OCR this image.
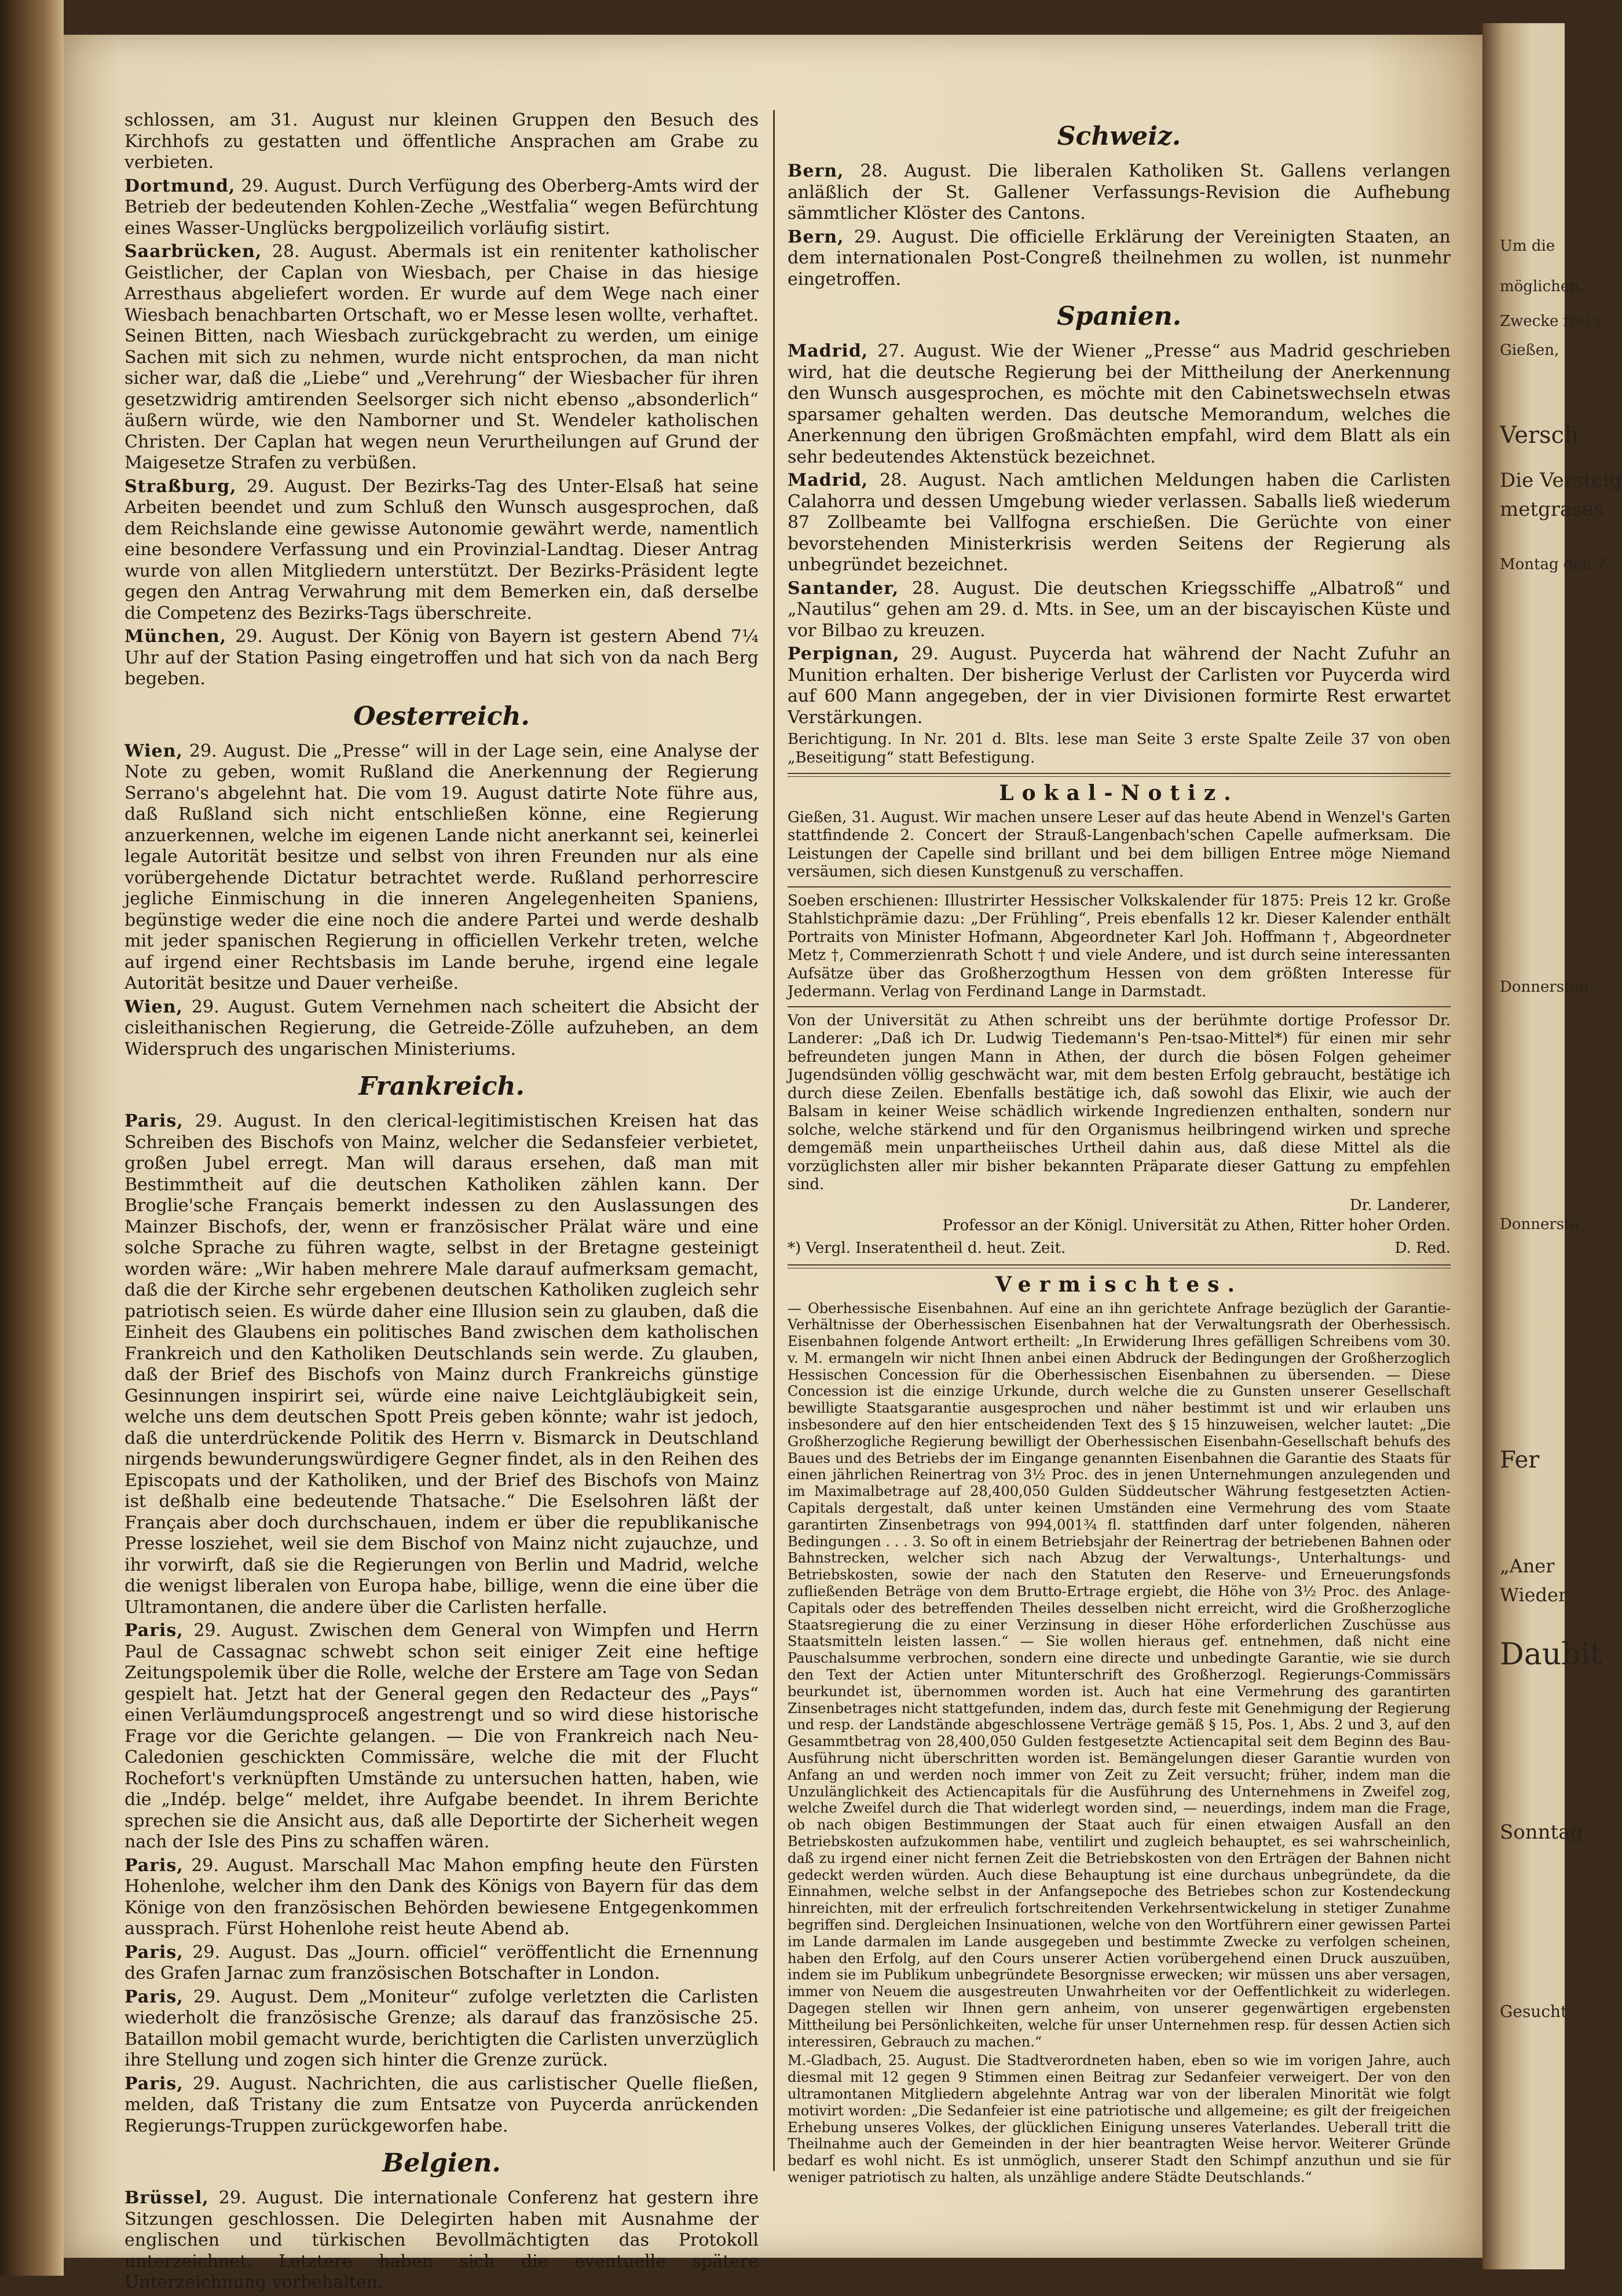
schlossen, am 31. August nur kleinen Gruppen den Besuch des Kirchhofs zu gestatten und öffentliche Ansprachen am Grabe zu verbieten.

Dortmund, 29. August. Durch Verfügung des Oberberg-Amts wird der Betrieb der bedeutenden Kohlen-Zeche „Westfalia“ wegen Befürchtung eines Wasser-Unglücks bergpolizeilich vorläufig sistirt.

Saarbrücken, 28. August. Abermals ist ein renitenter katholischer Geistlicher, der Caplan von Wiesbach, per Chaise in das hiesige Arresthaus abgeliefert worden. Er wurde auf dem Wege nach einer Wiesbach benachbarten Ortschaft, wo er Messe lesen wollte, verhaftet. Seinen Bitten, nach Wiesbach zurückgebracht zu werden, um einige Sachen mit sich zu nehmen, wurde nicht entsprochen, da man nicht sicher war, daß die „Liebe“ und „Verehrung“ der Wiesbacher für ihren gesetzwidrig amtirenden Seelsorger sich nicht ebenso „absonderlich“ äußern würde, wie den Namborner und St. Wendeler katholischen Christen. Der Caplan hat wegen neun Verurtheilungen auf Grund der Maigesetze Strafen zu verbüßen.

Straßburg, 29. August. Der Bezirks-Tag des Unter-Elsaß hat seine Arbeiten beendet und zum Schluß den Wunsch ausgesprochen, daß dem Reichslande eine gewisse Autonomie gewährt werde, namentlich eine besondere Verfassung und ein Provinzial-Landtag. Dieser Antrag wurde von allen Mitgliedern unterstützt. Der Bezirks-Präsident legte gegen den Antrag Verwahrung mit dem Bemerken ein, daß derselbe die Competenz des Bezirks-Tags überschreite.

München, 29. August. Der König von Bayern ist gestern Abend 7¼ Uhr auf der Station Pasing eingetroffen und hat sich von da nach Berg begeben.

Oesterreich.

Wien, 29. August. Die „Presse“ will in der Lage sein, eine Analyse der Note zu geben, womit Rußland die Anerkennung der Regierung Serrano's abgelehnt hat. Die vom 19. August datirte Note führe aus, daß Rußland sich nicht entschließen könne, eine Regierung anzuerkennen, welche im eigenen Lande nicht anerkannt sei, keinerlei legale Autorität besitze und selbst von ihren Freunden nur als eine vorübergehende Dictatur betrachtet werde. Rußland perhorrescire jegliche Einmischung in die inneren Angelegenheiten Spaniens, begünstige weder die eine noch die andere Partei und werde deshalb mit jeder spanischen Regierung in officiellen Verkehr treten, welche auf irgend einer Rechtsbasis im Lande beruhe, irgend eine legale Autorität besitze und Dauer verheiße.

Wien, 29. August. Gutem Vernehmen nach scheitert die Absicht der cisleithanischen Regierung, die Getreide-Zölle aufzuheben, an dem Widerspruch des ungarischen Ministeriums.

Frankreich.

Paris, 29. August. In den clerical-legitimistischen Kreisen hat das Schreiben des Bischofs von Mainz, welcher die Sedansfeier verbietet, großen Jubel erregt. Man will daraus ersehen, daß man mit Bestimmtheit auf die deutschen Katholiken zählen kann. Der Broglie'sche Français bemerkt indessen zu den Auslassungen des Mainzer Bischofs, der, wenn er französischer Prälat wäre und eine solche Sprache zu führen wagte, selbst in der Bretagne gesteinigt worden wäre: „Wir haben mehrere Male darauf aufmerksam gemacht, daß die der Kirche sehr ergebenen deutschen Katholiken zugleich sehr patriotisch seien. Es würde daher eine Illusion sein zu glauben, daß die Einheit des Glaubens ein politisches Band zwischen dem katholischen Frankreich und den Katholiken Deutschlands sein werde. Zu glauben, daß der Brief des Bischofs von Mainz durch Frankreichs günstige Gesinnungen inspirirt sei, würde eine naive Leichtgläubigkeit sein, welche uns dem deutschen Spott Preis geben könnte; wahr ist jedoch, daß die unterdrückende Politik des Herrn v. Bismarck in Deutschland nirgends bewunderungswürdigere Gegner findet, als in den Reihen des Episcopats und der Katholiken, und der Brief des Bischofs von Mainz ist deßhalb eine bedeutende Thatsache.“ Die Eselsohren läßt der Français aber doch durchschauen, indem er über die republikanische Presse losziehet, weil sie dem Bischof von Mainz nicht zujauchze, und ihr vorwirft, daß sie die Regierungen von Berlin und Madrid, welche die wenigst liberalen von Europa habe, billige, wenn die eine über die Ultramontanen, die andere über die Carlisten herfalle.

Paris, 29. August. Zwischen dem General von Wimpfen und Herrn Paul de Cassagnac schwebt schon seit einiger Zeit eine heftige Zeitungspolemik über die Rolle, welche der Erstere am Tage von Sedan gespielt hat. Jetzt hat der General gegen den Redacteur des „Pays“ einen Verläumdungsproceß angestrengt und so wird diese historische Frage vor die Gerichte gelangen. — Die von Frankreich nach Neu-Caledonien geschickten Commissäre, welche die mit der Flucht Rochefort's verknüpften Umstände zu untersuchen hatten, haben, wie die „Indép. belge“ meldet, ihre Aufgabe beendet. In ihrem Berichte sprechen sie die Ansicht aus, daß alle Deportirte der Sicherheit wegen nach der Isle des Pins zu schaffen wären.

Paris, 29. August. Marschall Mac Mahon empfing heute den Fürsten Hohenlohe, welcher ihm den Dank des Königs von Bayern für das dem Könige von den französischen Behörden bewiesene Entgegenkommen aussprach. Fürst Hohenlohe reist heute Abend ab.

Paris, 29. August. Das „Journ. officiel“ veröffentlicht die Ernennung des Grafen Jarnac zum französischen Botschafter in London.

Paris, 29. August. Dem „Moniteur“ zufolge verletzten die Carlisten wiederholt die französische Grenze; als darauf das französische 25. Bataillon mobil gemacht wurde, berichtigten die Carlisten unverzüglich ihre Stellung und zogen sich hinter die Grenze zurück.

Paris, 29. August. Nachrichten, die aus carlistischer Quelle fließen, melden, daß Tristany die zum Entsatze von Puycerda anrückenden Regierungs-Truppen zurückgeworfen habe.

Belgien.

Brüssel, 29. August. Die internationale Conferenz hat gestern ihre Sitzungen geschlossen. Die Delegirten haben mit Ausnahme der englischen und türkischen Bevollmächtigten das Protokoll unterzeichnet. Letztere haben sich die eventuelle spätere Unterzeichnung vorbehalten.

Schweiz.

Bern, 28. August. Die liberalen Katholiken St. Gallens verlangen anläßlich der St. Gallener Verfassungs-Revision die Aufhebung sämmtlicher Klöster des Cantons.

Bern, 29. August. Die officielle Erklärung der Vereinigten Staaten, an dem internationalen Post-Congreß theilnehmen zu wollen, ist nunmehr eingetroffen.

Spanien.

Madrid, 27. August. Wie der Wiener „Presse“ aus Madrid geschrieben wird, hat die deutsche Regierung bei der Mittheilung der Anerkennung den Wunsch ausgesprochen, es möchte mit den Cabinetswechseln etwas sparsamer gehalten werden. Das deutsche Memorandum, welches die Anerkennung den übrigen Großmächten empfahl, wird dem Blatt als ein sehr bedeutendes Aktenstück bezeichnet.

Madrid, 28. August. Nach amtlichen Meldungen haben die Carlisten Calahorra und dessen Umgebung wieder verlassen. Saballs ließ wiederum 87 Zollbeamte bei Vallfogna erschießen. Die Gerüchte von einer bevorstehenden Ministerkrisis werden Seitens der Regierung als unbegründet bezeichnet.

Santander, 28. August. Die deutschen Kriegsschiffe „Albatroß“ und „Nautilus“ gehen am 29. d. Mts. in See, um an der biscayischen Küste und vor Bilbao zu kreuzen.

Perpignan, 29. August. Puycerda hat während der Nacht Zufuhr an Munition erhalten. Der bisherige Verlust der Carlisten vor Puycerda wird auf 600 Mann angegeben, der in vier Divisionen formirte Rest erwartet Verstärkungen.

Berichtigung. In Nr. 201 d. Blts. lese man Seite 3 erste Spalte Zeile 37 von oben „Beseitigung“ statt Befestigung.

Lokal-Notiz.

Gießen, 31. August. Wir machen unsere Leser auf das heute Abend in Wenzel's Garten stattfindende 2. Concert der Strauß-Langenbach'schen Capelle aufmerksam. Die Leistungen der Capelle sind brillant und bei dem billigen Entree möge Niemand versäumen, sich diesen Kunstgenuß zu verschaffen.

Soeben erschienen: Illustrirter Hessischer Volkskalender für 1875: Preis 12 kr. Große Stahlstichprämie dazu: „Der Frühling“, Preis ebenfalls 12 kr. Dieser Kalender enthält Portraits von Minister Hofmann, Abgeordneter Karl Joh. Hoffmann †, Abgeordneter Metz †, Commerzienrath Schott † und viele Andere, und ist durch seine interessanten Aufsätze über das Großherzogthum Hessen von dem größten Interesse für Jedermann. Verlag von Ferdinand Lange in Darmstadt.

Von der Universität zu Athen schreibt uns der berühmte dortige Professor Dr. Landerer: „Daß ich Dr. Ludwig Tiedemann's Pen-tsao-Mittel*) für einen mir sehr befreundeten jungen Mann in Athen, der durch die bösen Folgen geheimer Jugendsünden völlig geschwächt war, mit dem besten Erfolg gebraucht, bestätige ich durch diese Zeilen. Ebenfalls bestätige ich, daß sowohl das Elixir, wie auch der Balsam in keiner Weise schädlich wirkende Ingredienzen enthalten, sondern nur solche, welche stärkend und für den Organismus heilbringend wirken und spreche demgemäß mein unpartheiisches Urtheil dahin aus, daß diese Mittel als die vorzüglichsten aller mir bisher bekannten Präparate dieser Gattung zu empfehlen sind.

Dr. Landerer,

Professor an der Königl. Universität zu Athen, Ritter hoher Orden.

*) Vergl. Inseratentheil d. heut. Zeit.	D. Red.
Vermischtes.

— Oberhessische Eisenbahnen. Auf eine an ihn gerichtete Anfrage bezüglich der Garantie-Verhältnisse der Oberhessischen Eisenbahnen hat der Verwaltungsrath der Oberhessisch. Eisenbahnen folgende Antwort ertheilt: „In Erwiderung Ihres gefälligen Schreibens vom 30. v. M. ermangeln wir nicht Ihnen anbei einen Abdruck der Bedingungen der Großherzoglich Hessischen Concession für die Oberhessischen Eisenbahnen zu übersenden. — Diese Concession ist die einzige Urkunde, durch welche die zu Gunsten unserer Gesellschaft bewilligte Staatsgarantie ausgesprochen und näher bestimmt ist und wir erlauben uns insbesondere auf den hier entscheidenden Text des § 15 hinzuweisen, welcher lautet: „Die Großherzogliche Regierung bewilligt der Oberhessischen Eisenbahn-Gesellschaft behufs des Baues und des Betriebs der im Eingange genannten Eisenbahnen die Garantie des Staats für einen jährlichen Reinertrag von 3½ Proc. des in jenen Unternehmungen anzulegenden und im Maximalbetrage auf 28,400,050 Gulden Süddeutscher Währung festgesetzten Actien-Capitals dergestalt, daß unter keinen Umständen eine Vermehrung des vom Staate garantirten Zinsenbetrags von 994,001¾ fl. stattfinden darf unter folgenden, näheren Bedingungen . . . 3. So oft in einem Betriebsjahr der Reinertrag der betriebenen Bahnen oder Bahnstrecken, welcher sich nach Abzug der Verwaltungs-, Unterhaltungs- und Betriebskosten, sowie der nach den Statuten den Reserve- und Erneuerungsfonds zufließenden Beträge von dem Brutto-Ertrage ergiebt, die Höhe von 3½ Proc. des Anlage-Capitals oder des betreffenden Theiles desselben nicht erreicht, wird die Großherzogliche Staatsregierung die zu einer Verzinsung in dieser Höhe erforderlichen Zuschüsse aus Staatsmitteln leisten lassen.“ — Sie wollen hieraus gef. entnehmen, daß nicht eine Pauschalsumme verbrochen, sondern eine directe und unbedingte Garantie, wie sie durch den Text der Actien unter Mitunterschrift des Großherzogl. Regierungs-Commissärs beurkundet ist, übernommen worden ist. Auch hat eine Vermehrung des garantirten Zinsenbetrages nicht stattgefunden, indem das, durch feste mit Genehmigung der Regierung und resp. der Landstände abgeschlossene Verträge gemäß § 15, Pos. 1, Abs. 2 und 3, auf den Gesammtbetrag von 28,400,050 Gulden festgesetzte Actiencapital seit dem Beginn des Bau-Ausführung nicht überschritten worden ist. Bemängelungen dieser Garantie wurden von Anfang an und werden noch immer von Zeit zu Zeit versucht; früher, indem man die Unzulänglichkeit des Actiencapitals für die Ausführung des Unternehmens in Zweifel zog, welche Zweifel durch die That widerlegt worden sind, — neuerdings, indem man die Frage, ob nach obigen Bestimmungen der Staat auch für einen etwaigen Ausfall an den Betriebskosten aufzukommen habe, ventilirt und zugleich behauptet, es sei wahrscheinlich, daß zu irgend einer nicht fernen Zeit die Betriebskosten von den Erträgen der Bahnen nicht gedeckt werden würden. Auch diese Behauptung ist eine durchaus unbegründete, da die Einnahmen, welche selbst in der Anfangsepoche des Betriebes schon zur Kostendeckung hinreichten, mit der erfreulich fortschreitenden Verkehrsentwickelung in stetiger Zunahme begriffen sind. Dergleichen Insinuationen, welche von den Wortführern einer gewissen Partei im Lande darmalen im Lande ausgegeben und bestimmte Zwecke zu verfolgen scheinen, haben den Erfolg, auf den Cours unserer Actien vorübergehend einen Druck auszuüben, indem sie im Publikum unbegründete Besorgnisse erwecken; wir müssen uns aber versagen, immer von Neuem die ausgestreuten Unwahrheiten vor der Oeffentlichkeit zu widerlegen. Dagegen stellen wir Ihnen gern anheim, von unserer gegenwärtigen ergebensten Mittheilung bei Persönlichkeiten, welche für unser Unternehmen resp. für dessen Actien sich interessiren, Gebrauch zu machen.“

M.-Gladbach, 25. August. Die Stadtverordneten haben, eben so wie im vorigen Jahre, auch diesmal mit 12 gegen 9 Stimmen einen Beitrag zur Sedanfeier verweigert. Der von den ultramontanen Mitgliedern abgelehnte Antrag war von der liberalen Minorität wie folgt motivirt worden: „Die Sedanfeier ist eine patriotische und allgemeine; es gilt der freigeichen Erhebung unseres Volkes, der glücklichen Einigung unseres Vaterlandes. Ueberall tritt die Theilnahme auch der Gemeinden in der hier beantragten Weise hervor. Weiterer Gründe bedarf es wohl nicht. Es ist unmöglich, unserer Stadt den Schimpf anzuthun und sie für weniger patriotisch zu halten, als unzählige andere Städte Deutschlands.“

Um die
möglichen,
Zwecke frei z
Gießen,
Versch
Die Versteig
metgrases
Montag den 7.
Donnerstag
Donnersta
Fer
„Aner
Wieder
Daubit
Sonntag
Gesucht
